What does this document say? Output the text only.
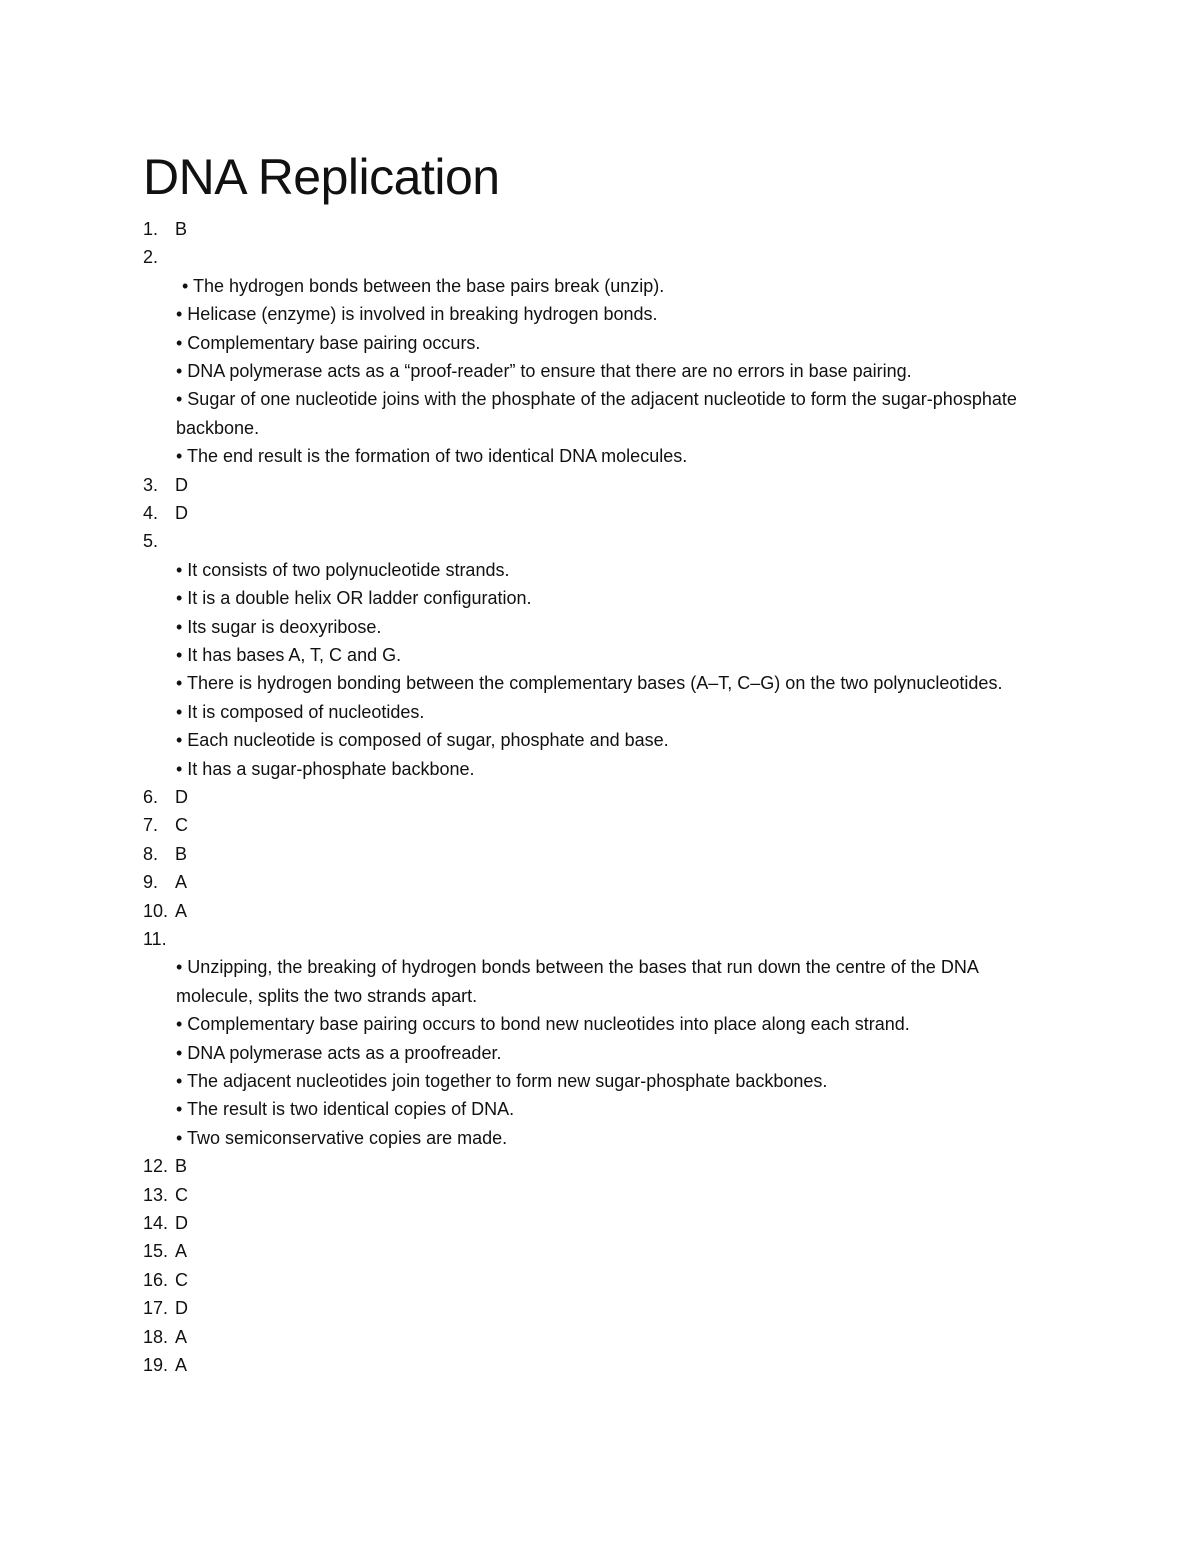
DNA Replication
1. B
2.
• The hydrogen bonds between the base pairs break (unzip).
• Helicase (enzyme) is involved in breaking hydrogen bonds.
• Complementary base pairing occurs.
• DNA polymerase acts as a “proof-reader” to ensure that there are no errors in base pairing.
• Sugar of one nucleotide joins with the phosphate of the adjacent nucleotide to form the sugar-phosphate backbone.
• The end result is the formation of two identical DNA molecules.
3. D
4. D
5.
• It consists of two polynucleotide strands.
• It is a double helix OR ladder configuration.
• Its sugar is deoxyribose.
• It has bases A, T, C and G.
• There is hydrogen bonding between the complementary bases (A–T, C–G) on the two polynucleotides.
• It is composed of nucleotides.
• Each nucleotide is composed of sugar, phosphate and base.
• It has a sugar-phosphate backbone.
6. D
7. C
8. B
9. A
10. A
11.
• Unzipping, the breaking of hydrogen bonds between the bases that run down the centre of the DNA molecule, splits the two strands apart.
• Complementary base pairing occurs to bond new nucleotides into place along each strand.
• DNA polymerase acts as a proofreader.
• The adjacent nucleotides join together to form new sugar-phosphate backbones.
• The result is two identical copies of DNA.
• Two semiconservative copies are made.
12. B
13. C
14. D
15. A
16. C
17. D
18. A
19. A
